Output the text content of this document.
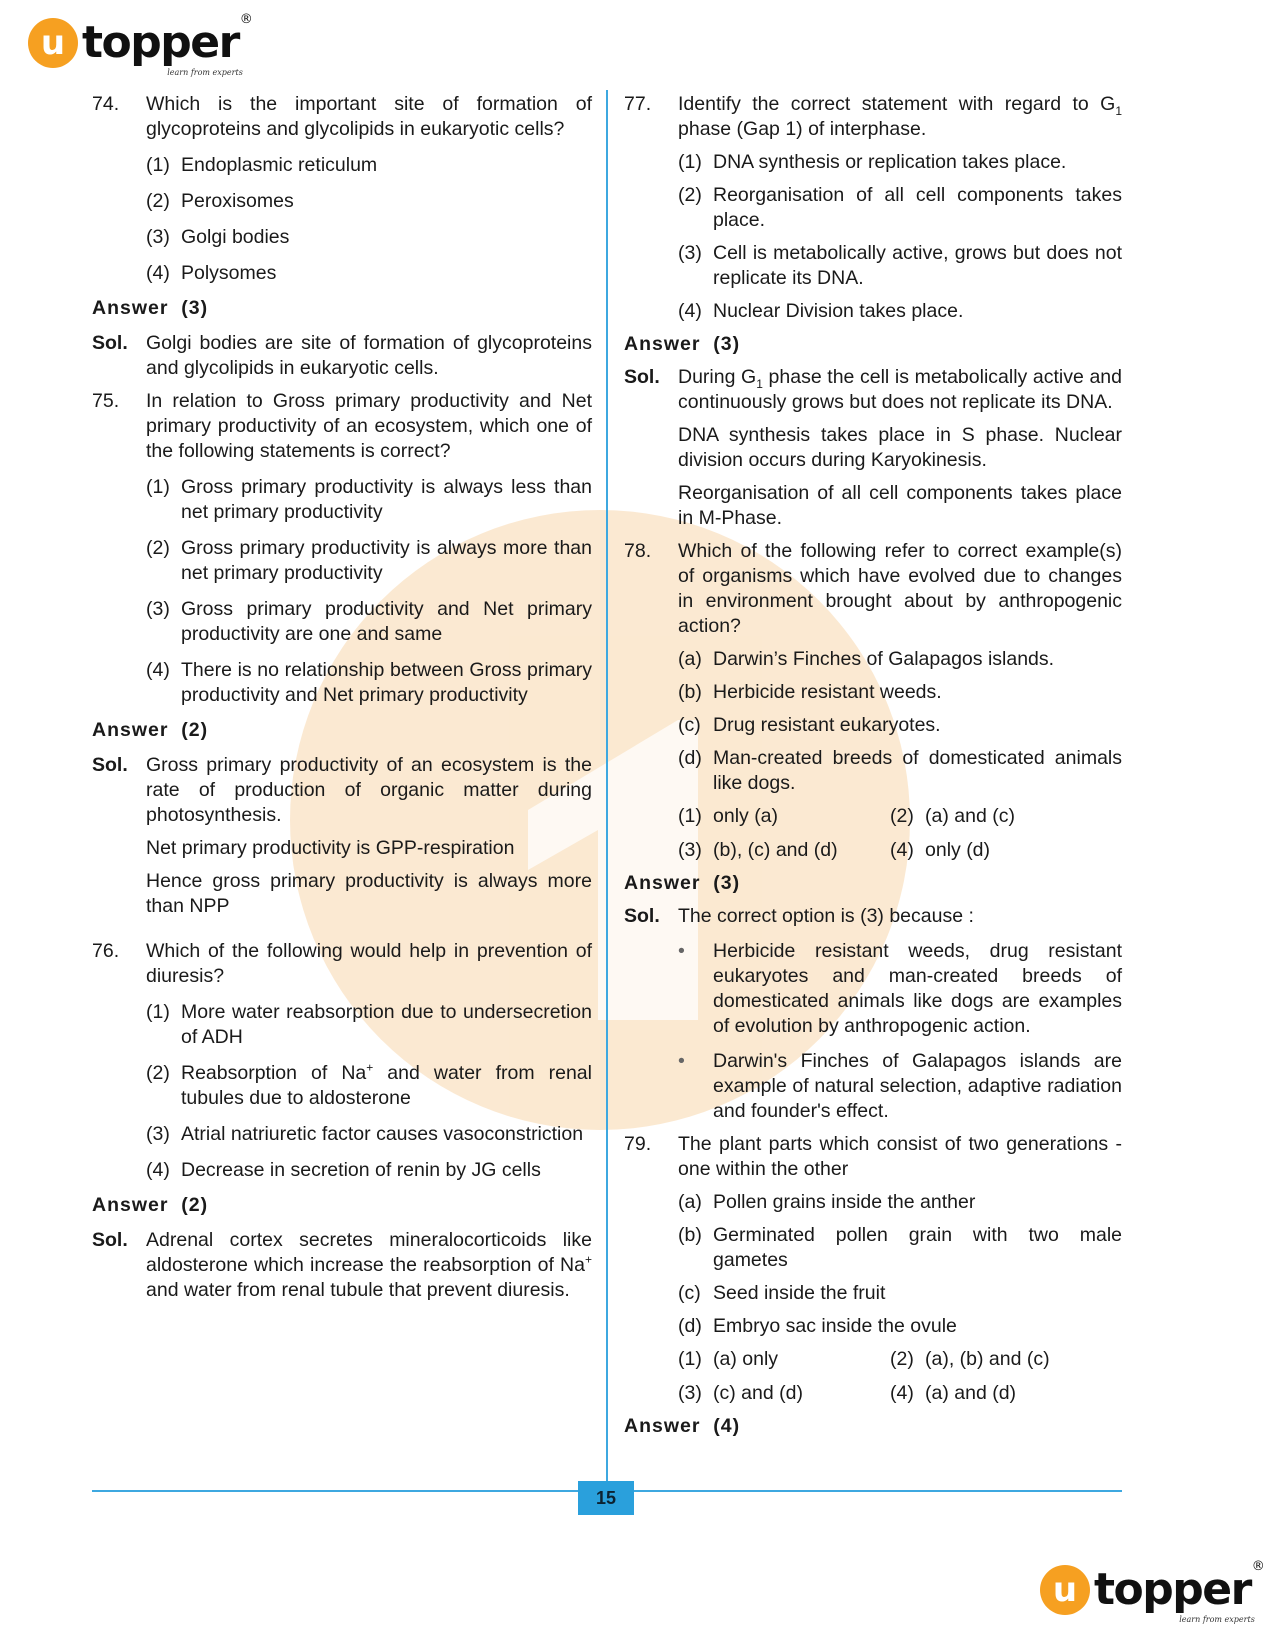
u topper ®
learn from experts
74.	Which is the important site of formation of glycoproteins and glycolipids in eukaryotic cells?
(1) Endoplasmic reticulum
(2) Peroxisomes
(3) Golgi bodies
(4) Polysomes
Answer (3)
Sol. Golgi bodies are site of formation of glycoproteins and glycolipids in eukaryotic cells.
75.	In relation to Gross primary productivity and Net primary productivity of an ecosystem, which one of the following statements is correct?
(1) Gross primary productivity is always less than net primary productivity
(2) Gross primary productivity is always more than net primary productivity
(3) Gross primary productivity and Net primary productivity are one and same
(4) There is no relationship between Gross primary productivity and Net primary productivity
Answer (2)
Sol. Gross primary productivity of an ecosystem is the rate of production of organic matter during photosynthesis.
Net primary productivity is GPP-respiration
Hence gross primary productivity is always more than NPP
76.	Which of the following would help in prevention of diuresis?
(1) More water reabsorption due to undersecretion of ADH
(2) Reabsorption of Na+ and water from renal tubules due to aldosterone
(3) Atrial natriuretic factor causes vasoconstriction
(4) Decrease in secretion of renin by JG cells
Answer (2)
Sol. Adrenal cortex secretes mineralocorticoids like aldosterone which increase the reabsorption of Na+ and water from renal tubule that prevent diuresis.
77.	Identify the correct statement with regard to $G_1$ phase (Gap 1) of interphase.
(1) DNA synthesis or replication takes place.
(2) Reorganisation of all cell components takes place.
(3) Cell is metabolically active, grows but does not replicate its DNA.
(4) Nuclear Division takes place.
Answer (3)
Sol. During $G_1$ phase the cell is metabolically active and continuously grows but does not replicate its DNA.
DNA synthesis takes place in S phase. Nuclear division occurs during Karyokinesis.
Reorganisation of all cell components takes place in M-Phase.
78.	Which of the following refer to correct example(s) of organisms which have evolved due to changes in environment brought about by anthropogenic action?
(a) Darwin’s Finches of Galapagos islands.
(b) Herbicide resistant weeds.
(c) Drug resistant eukaryotes.
(d) Man-created breeds of domesticated animals like dogs.
(1) only (a)	(2) (a) and (c)
(3) (b), (c) and (d)	(4) only (d)
Answer (3)
Sol. The correct option is (3) because :
•	Herbicide resistant weeds, drug resistant eukaryotes and man-created breeds of domesticated animals like dogs are examples of evolution by anthropogenic action.
•	Darwin's Finches of Galapagos islands are example of natural selection, adaptive radiation and founder's effect.
79.	The plant parts which consist of two generations - one within the other
(a) Pollen grains inside the anther
(b) Germinated pollen grain with two male gametes
(c) Seed inside the fruit
(d) Embryo sac inside the ovule
(1) (a) only	(2) (a), (b) and (c)
(3) (c) and (d)	(4) (a) and (d)
Answer (4)
15
u topper ®
learn from experts
